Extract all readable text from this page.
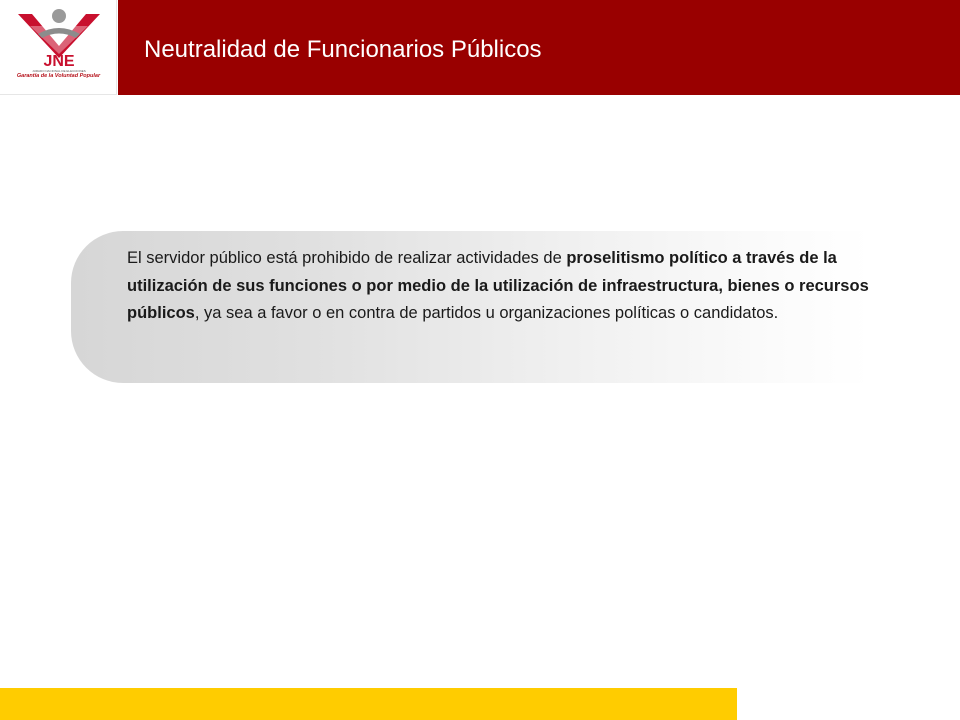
JNE
JURADO NACIONAL DE ELECCIONES
Garantía de la Voluntad Popular
Neutralidad de Funcionarios Públicos
El servidor público está prohibido de realizar actividades de proselitismo político a través de la utilización de sus funciones o por medio de la utilización de infraestructura, bienes o recursos públicos, ya sea a favor o en contra de partidos u organizaciones políticas o candidatos.
